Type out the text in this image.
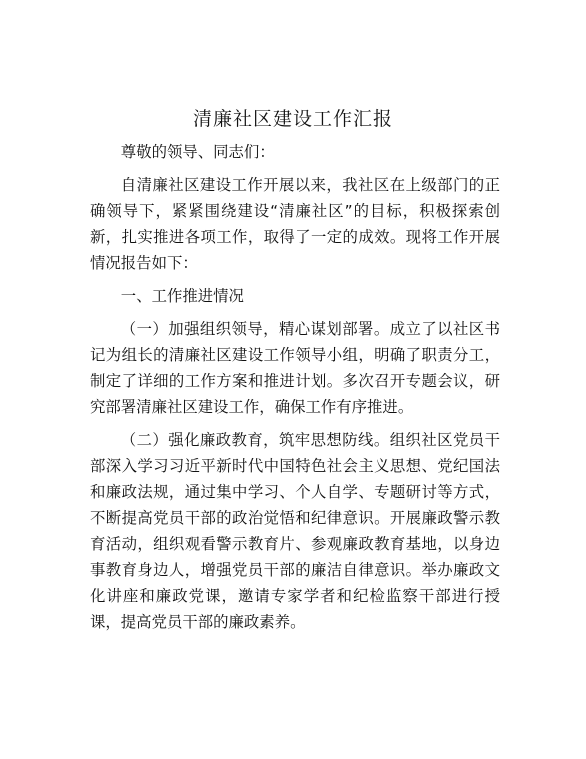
清廉社区建设工作汇报

尊敬的领导、同志们：

自清廉社区建设工作开展以来，我社区在上级部门的正确领导下，紧紧围绕建设“清廉社区”的目标，积极探索创新，扎实推进各项工作，取得了一定的成效。现将工作开展情况报告如下：

一、工作推进情况

（一）加强组织领导，精心谋划部署。成立了以社区书记为组长的清廉社区建设工作领导小组，明确了职责分工，制定了详细的工作方案和推进计划。多次召开专题会议，研究部署清廉社区建设工作，确保工作有序推进。

（二）强化廉政教育，筑牢思想防线。组织社区党员干部深入学习习近平新时代中国特色社会主义思想、党纪国法和廉政法规，通过集中学习、个人自学、专题研讨等方式，不断提高党员干部的政治觉悟和纪律意识。开展廉政警示教育活动，组织观看警示教育片、参观廉政教育基地，以身边事教育身边人，增强党员干部的廉洁自律意识。举办廉政文化讲座和廉政党课，邀请专家学者和纪检监察干部进行授课，提高党员干部的廉政素养。
